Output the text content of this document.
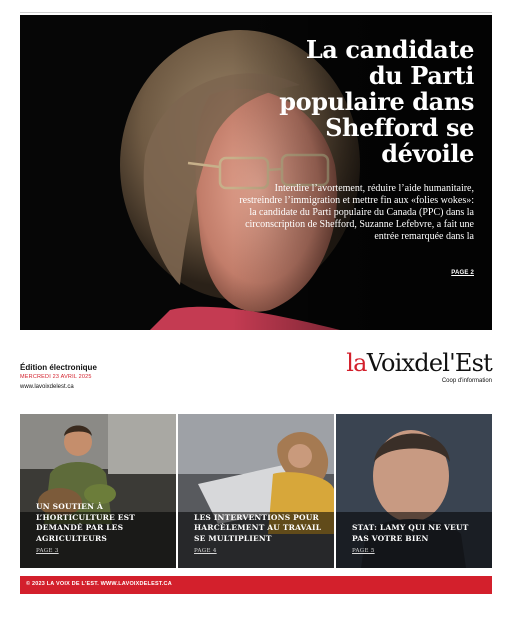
La candidate
du Parti
populaire dans
Shefford se
dévoile
Interdire l’avortement, réduire l’aide humanitaire, restreindre l’immigration et mettre fin aux «folies wokes»: la candidate du Parti populaire du Canada (PPC) dans la circonscription de Shefford, Suzanne Lefebvre, a fait une entrée remarquée dans la
PAGE 2
Édition électronique
MERCREDI 23 AVRIL 2025
www.lavoixdelest.ca
laVoixdel'Est
Coop d'information
UN SOUTIEN À L’HORTICULTURE EST DEMANDÉ PAR LES AGRICULTEURS
PAGE 3
LES INTERVENTIONS POUR HARCÈLEMENT AU TRAVAIL SE MULTIPLIENT
PAGE 4
STAT: LAMY QUI NE VEUT PAS VOTRE BIEN
PAGE 5
© 2023 LA VOIX DE L'EST. WWW.LAVOIXDELEST.CA
